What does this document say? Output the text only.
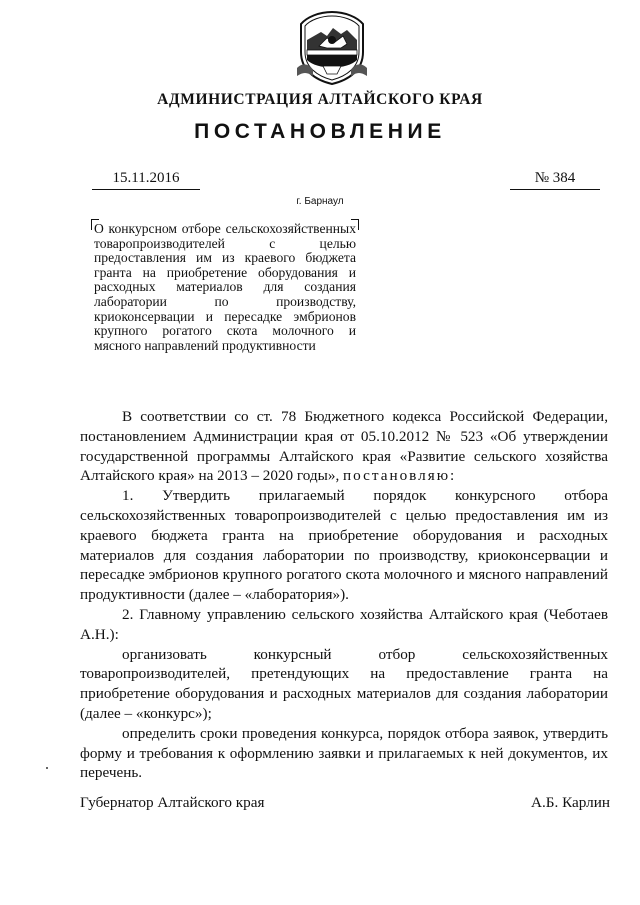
АДМИНИСТРАЦИЯ АЛТАЙСКОГО КРАЯ
ПОСТАНОВЛЕНИЕ
15.11.2016	№ 384
г. Барнаул
О конкурсном отборе сельскохозяйственных товаропроизводителей с целью предоставления им из краевого бюджета гранта на приобретение оборудования и расходных материалов для создания лаборатории по производству, криоконсервации и пересадке эмбрионов крупного рогатого скота молочного и мясного направлений продуктивности

В соответствии со ст. 78 Бюджетного кодекса Российской Федерации, постановлением Администрации края от 05.10.2012 № 523 «Об утверждении государственной программы Алтайского края «Развитие сельского хозяйства Алтайского края» на 2013 – 2020 годы», постановляю:

1. Утвердить прилагаемый порядок конкурсного отбора сельскохозяйственных товаропроизводителей с целью предоставления им из краевого бюджета гранта на приобретение оборудования и расходных материалов для создания лаборатории по производству, криоконсервации и пересадке эмбрионов крупного рогатого скота молочного и мясного направлений продуктивности (далее – «лаборатория»).

2. Главному управлению сельского хозяйства Алтайского края (Чеботаев А.Н.):

организовать конкурсный отбор сельскохозяйственных товаропроизводителей, претендующих на предоставление гранта на приобретение оборудования и расходных материалов для создания лаборатории (далее – «конкурс»);

определить сроки проведения конкурса, порядок отбора заявок, утвердить форму и требования к оформлению заявки и прилагаемых к ней документов, их перечень.

Губернатор Алтайского края	А.Б. Карлин
